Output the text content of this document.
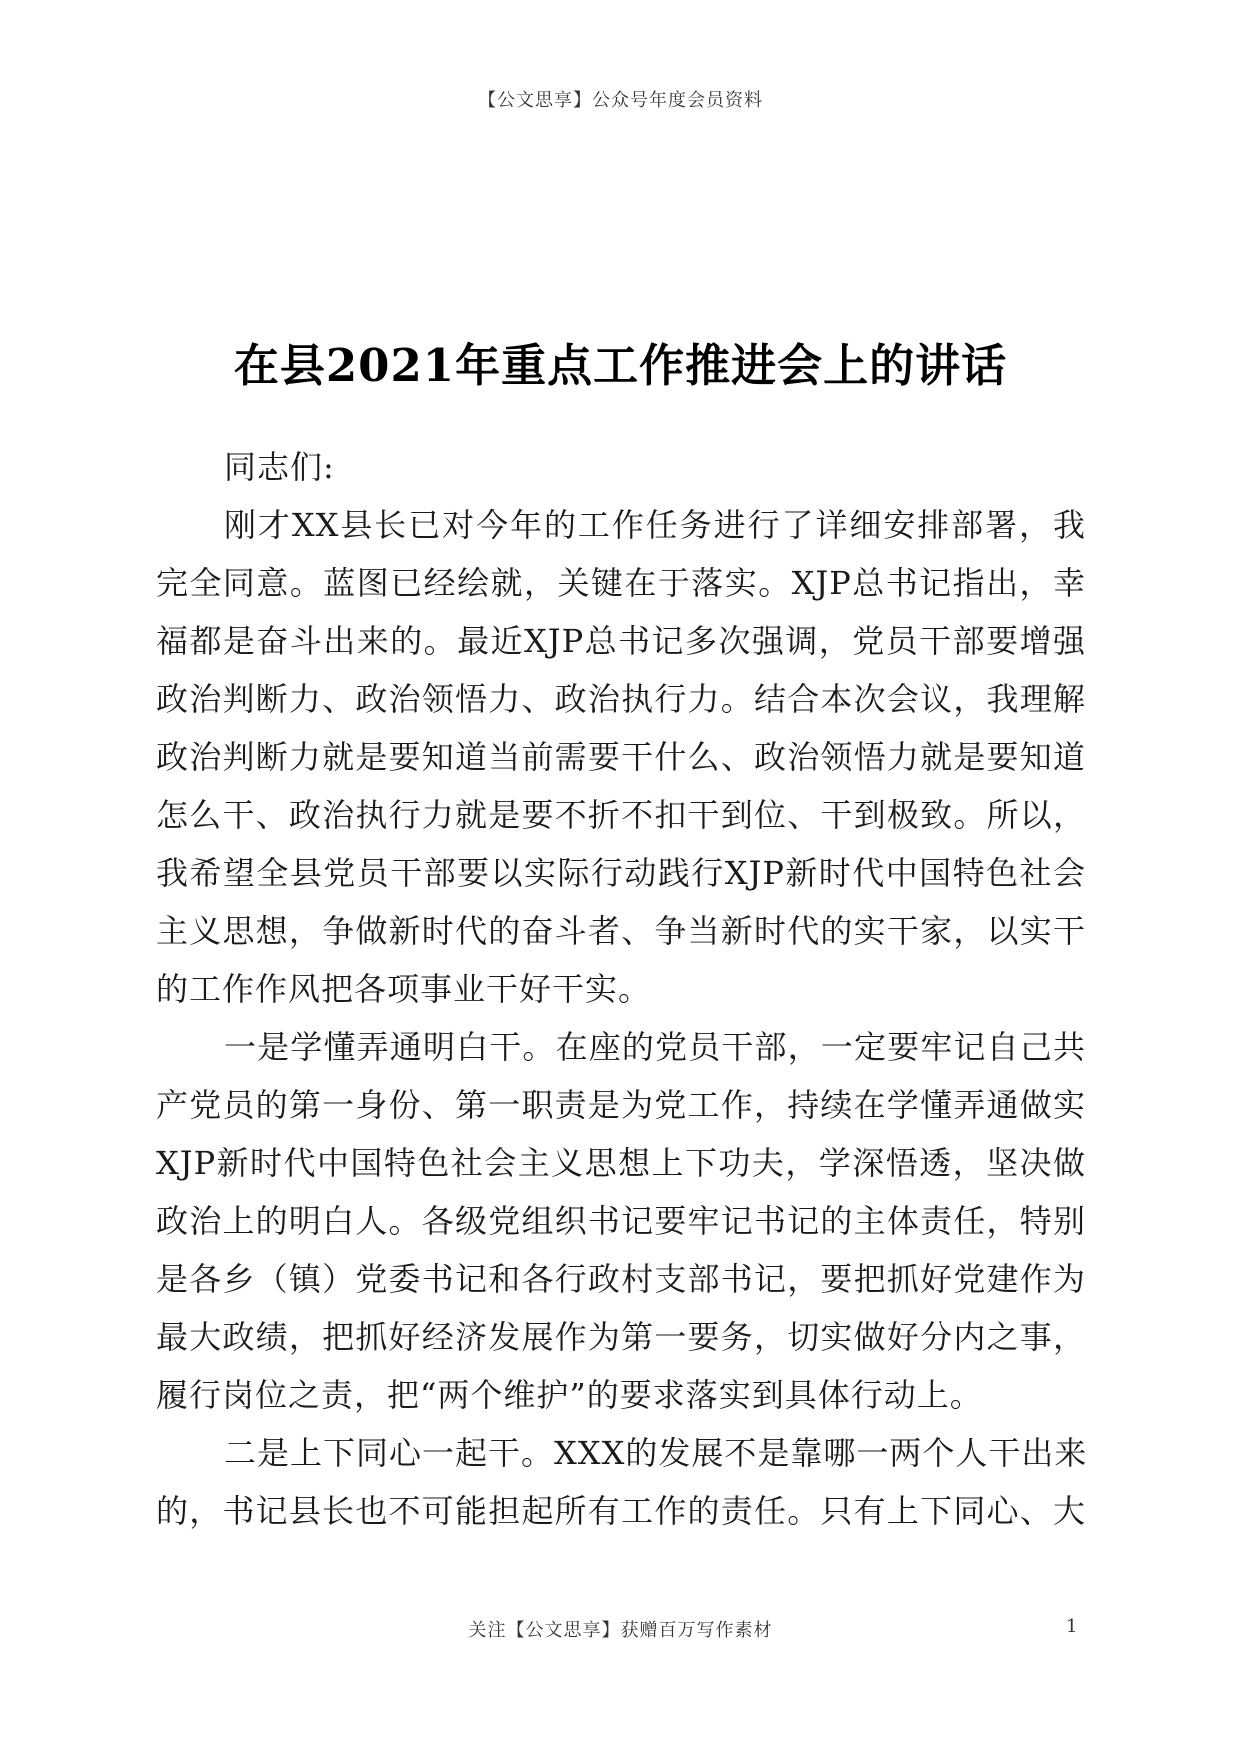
【公文思享】公众号年度会员资料
在县2021年重点工作推进会上的讲话
同志们:
刚才XX县长已对今年的工作任务进行了详细安排部署，我
完全同意。蓝图已经绘就，关键在于落实。XJP总书记指出，幸
福都是奋斗出来的。最近XJP总书记多次强调，党员干部要增强
政治判断力、政治领悟力、政治执行力。结合本次会议，我理解
政治判断力就是要知道当前需要干什么、政治领悟力就是要知道
怎么干、政治执行力就是要不折不扣干到位、干到极致。所以，
我希望全县党员干部要以实际行动践行XJP新时代中国特色社会
主义思想，争做新时代的奋斗者、争当新时代的实干家，以实干
的工作作风把各项事业干好干实。
一是学懂弄通明白干。在座的党员干部，一定要牢记自己共
产党员的第一身份、第一职责是为党工作，持续在学懂弄通做实
XJP新时代中国特色社会主义思想上下功夫，学深悟透，坚决做
政治上的明白人。各级党组织书记要牢记书记的主体责任，特别
是各乡（镇）党委书记和各行政村支部书记，要把抓好党建作为
最大政绩，把抓好经济发展作为第一要务，切实做好分内之事，
履行岗位之责，把“两个维护”的要求落实到具体行动上。
二是上下同心一起干。XXX的发展不是靠哪一两个人干出来
的，书记县长也不可能担起所有工作的责任。只有上下同心、大
关注【公文思享】获赠百万写作素材	1
